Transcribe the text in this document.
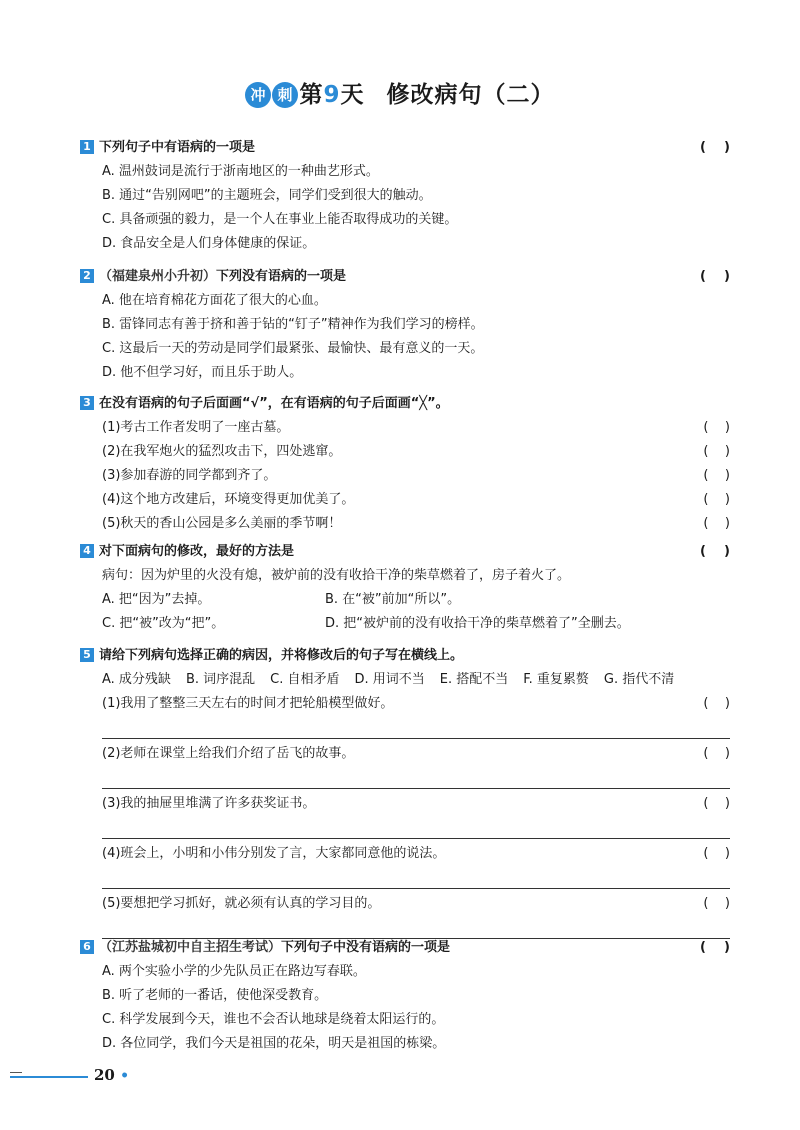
冲 刺 第9天 修改病句（二）
1 下列句子中有语病的一项是	(    )
A. 温州鼓词是流行于浙南地区的一种曲艺形式。
B. 通过“告别网吧”的主题班会，同学们受到很大的触动。
C. 具备顽强的毅力，是一个人在事业上能否取得成功的关键。
D. 食品安全是人们身体健康的保证。
2 （福建泉州小升初）下列没有语病的一项是	(    )
A. 他在培育棉花方面花了很大的心血。
B. 雷锋同志有善于挤和善于钻的“钉子”精神作为我们学习的榜样。
C. 这最后一天的劳动是同学们最紧张、最愉快、最有意义的一天。
D. 他不但学习好，而且乐于助人。
3 在没有语病的句子后面画“√”，在有语病的句子后面画“╳”。
(1)考古工作者发明了一座古墓。	(    )
(2)在我军炮火的猛烈攻击下，四处逃窜。	(    )
(3)参加春游的同学都到齐了。	(    )
(4)这个地方改建后，环境变得更加优美了。	(    )
(5)秋天的香山公园是多么美丽的季节啊！	(    )
4 对下面病句的修改，最好的方法是	(    )
病句：因为炉里的火没有熄，被炉前的没有收拾干净的柴草燃着了，房子着火了。
A. 把“因为”去掉。	B. 在“被”前加“所以”。
C. 把“被”改为“把”。	D. 把“被炉前的没有收拾干净的柴草燃着了”全删去。
5 请给下列病句选择正确的病因，并将修改后的句子写在横线上。
A. 成分残缺 B. 词序混乱 C. 自相矛盾 D. 用词不当 E. 搭配不当 F. 重复累赘 G. 指代不清
(1)我用了整整三天左右的时间才把轮船模型做好。	(    )
(2)老师在课堂上给我们介绍了岳飞的故事。	(    )
(3)我的抽屉里堆满了许多获奖证书。	(    )
(4)班会上，小明和小伟分别发了言，大家都同意他的说法。	(    )
(5)要想把学习抓好，就必须有认真的学习目的。	(    )
6 （江苏盐城初中自主招生考试）下列句子中没有语病的一项是	(    )
A. 两个实验小学的少先队员正在路边写春联。
B. 听了老师的一番话，使他深受教育。
C. 科学发展到今天，谁也不会否认地球是绕着太阳运行的。
D. 各位同学，我们今天是祖国的花朵，明天是祖国的栋梁。
20 •
